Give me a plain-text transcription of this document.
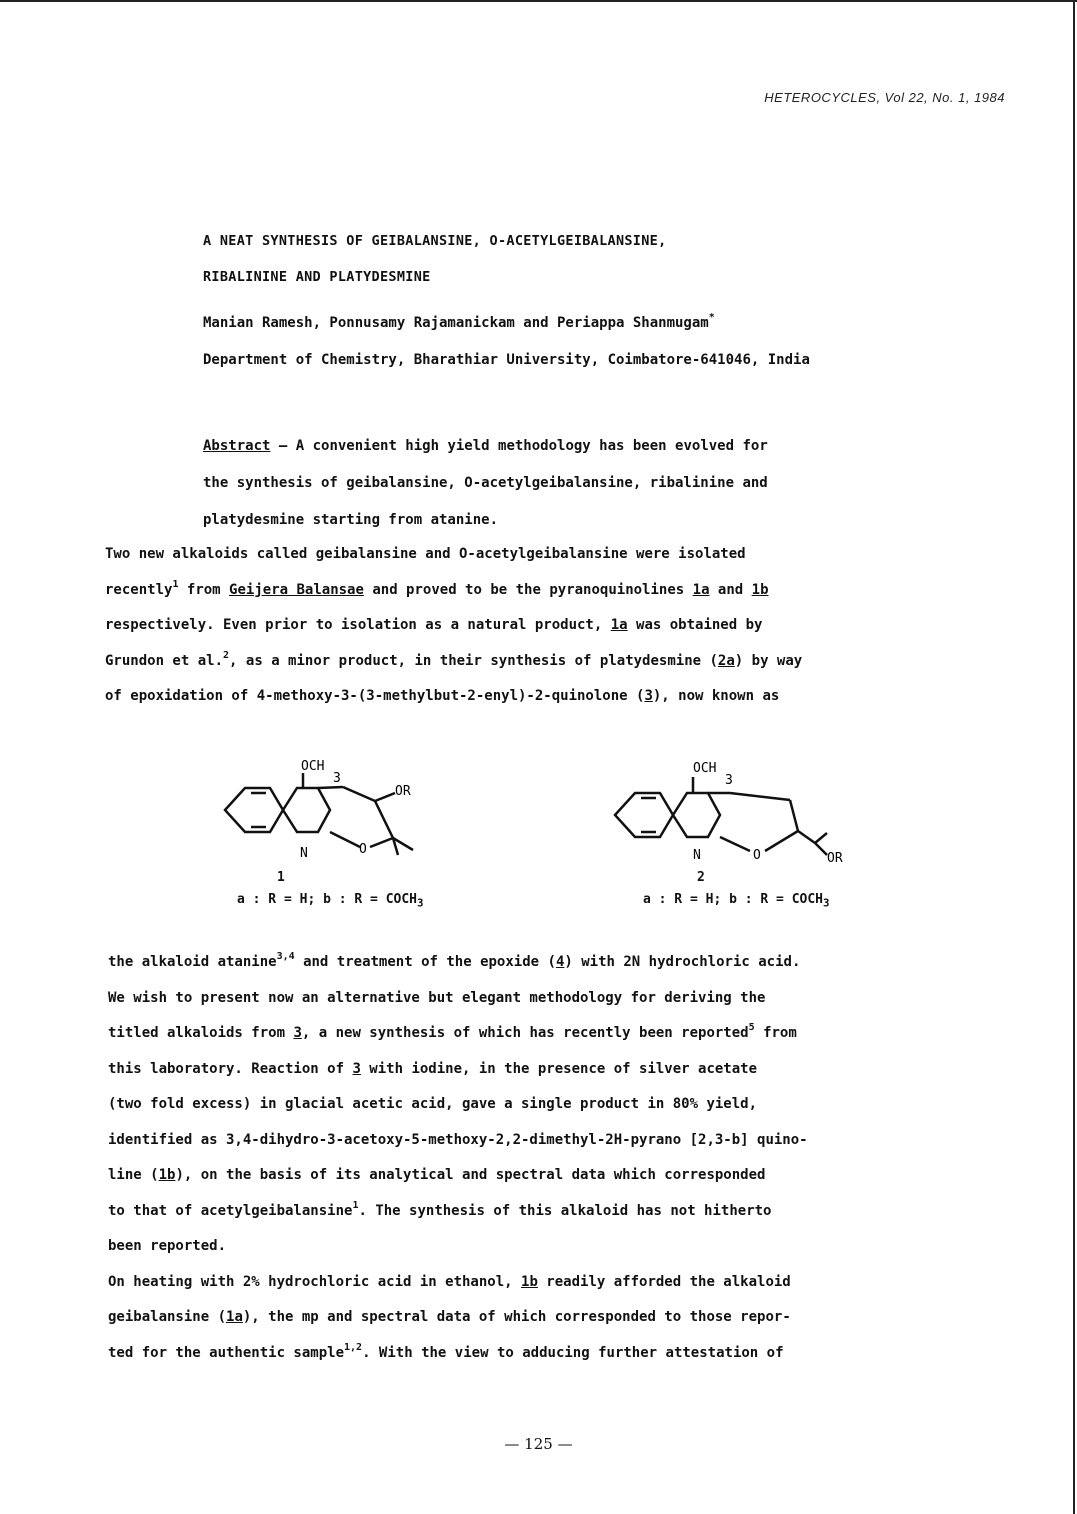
HETEROCYCLES, Vol 22, No. 1, 1984
A NEAT SYNTHESIS OF GEIBALANSINE, O-ACETYLGEIBALANSINE,
RIBALININE AND PLATYDESMINE
Manian Ramesh, Ponnusamy Rajamanickam and Periappa Shanmugam*
Department of Chemistry, Bharathiar University, Coimbatore-641046, India
Abstract — A convenient high yield methodology has been evolved for
the synthesis of geibalansine, O-acetylgeibalansine, ribalinine and
platydesmine starting from atanine.
Two new alkaloids called geibalansine and O-acetylgeibalansine were isolated
recently$^1$ from Geijera Balansae and proved to be the pyranoquinolines 1a and 1b
respectively. Even prior to isolation as a natural product, 1a was obtained by
Grundon et al.$^2$, as a minor product, in their synthesis of platydesmine (2a) by way
of epoxidation of 4-methoxy-3-(3-methylbut-2-enyl)-2-quinolone (3), now known as
OCH
3
OR
N	O
1
a : R = H; b : $R = COCH_3$
OCH
3
OR
N	O
2
a : R = H; b : $R = COCH_3$
the alkaloid atanine$^{3,4}$ and treatment of the epoxide (4) with 2N hydrochloric acid.
We wish to present now an alternative but elegant methodology for deriving the
titled alkaloids from 3, a new synthesis of which has recently been reported$^5$ from
this laboratory. Reaction of 3 with iodine, in the presence of silver acetate
(two fold excess) in glacial acetic acid, gave a single product in 80% yield,
identified as 3,4-dihydro-3-acetoxy-5-methoxy-2,2-dimethyl-2H-pyrano [2,3-b] quino-
line (1b), on the basis of its analytical and spectral data which corresponded
to that of acetylgeibalansine$^1$. The synthesis of this alkaloid has not hitherto
been reported.
On heating with 2% hydrochloric acid in ethanol, 1b readily afforded the alkaloid
geibalansine (1a), the mp and spectral data of which corresponded to those repor-
ted for the authentic sample$^{1,2}$. With the view to adducing further attestation of
— 125 —
